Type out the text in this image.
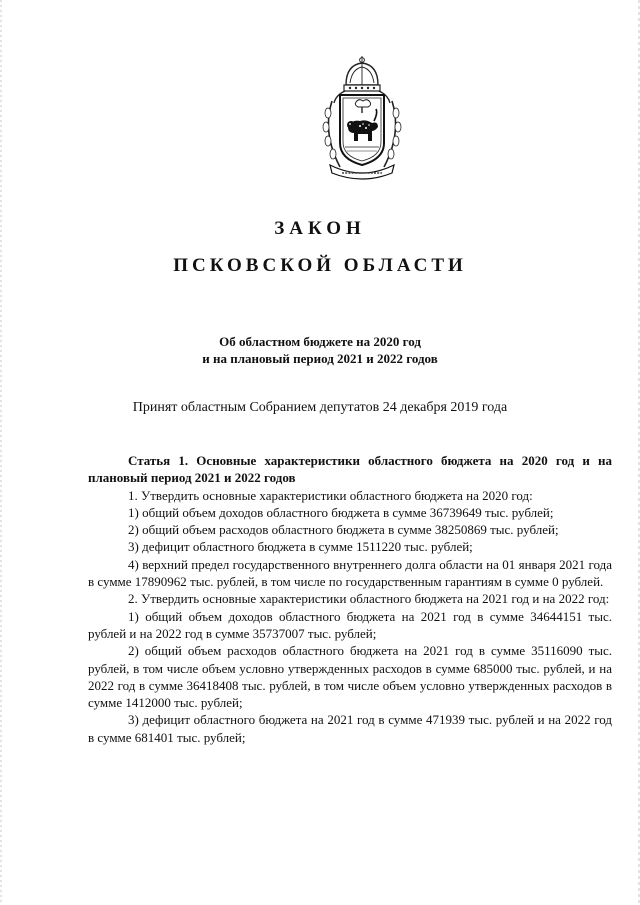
ЗАКОН
ПСКОВСКОЙ ОБЛАСТИ
Об областном бюджете на 2020 год
и на плановый период 2021 и 2022 годов
Принят областным Собранием депутатов 24 декабря 2019 года
Статья 1. Основные характеристики областного бюджета на 2020 год и на плановый период 2021 и 2022 годов
1. Утвердить основные характеристики областного бюджета на 2020 год:
1) общий объем доходов областного бюджета в сумме 36739649 тыс. рублей;
2) общий объем расходов областного бюджета в сумме 38250869 тыс. рублей;
3) дефицит областного бюджета в сумме 1511220 тыс. рублей;
4) верхний предел государственного внутреннего долга области на 01 января 2021 года в сумме 17890962 тыс. рублей, в том числе по государственным гарантиям в сумме 0 рублей.
2. Утвердить основные характеристики областного бюджета на 2021 год и на 2022 год:
1) общий объем доходов областного бюджета на 2021 год в сумме 34644151 тыс. рублей и на 2022 год в сумме 35737007 тыс. рублей;
2) общий объем расходов областного бюджета на 2021 год в сумме 35116090 тыс. рублей, в том числе объем условно утвержденных расходов в сумме 685000 тыс. рублей, и на 2022 год в сумме 36418408 тыс. рублей, в том числе объем условно утвержденных расходов в сумме 1412000 тыс. рублей;
3) дефицит областного бюджета на 2021 год в сумме 471939 тыс. рублей и на 2022 год в сумме 681401 тыс. рублей;
